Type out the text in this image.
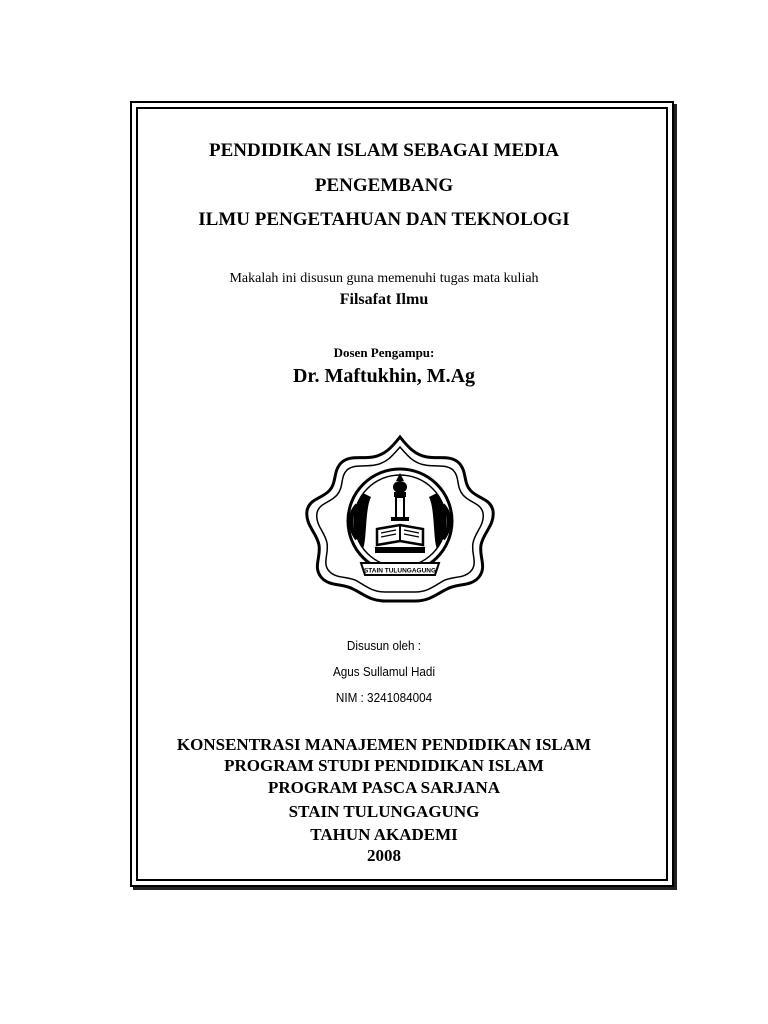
PENDIDIKAN ISLAM SEBAGAI MEDIA
PENGEMBANG
ILMU PENGETAHUAN DAN TEKNOLOGI
Makalah ini disusun guna memenuhi tugas mata kuliah
Filsafat Ilmu
Dosen Pengampu:
Dr. Maftukhin, M.Ag
STAIN TULUNGAGUNG
Disusun oleh :
Agus Sullamul Hadi
NIM : 3241084004
KONSENTRASI MANAJEMEN PENDIDIKAN ISLAM
PROGRAM STUDI PENDIDIKAN ISLAM
PROGRAM PASCA SARJANA
STAIN TULUNGAGUNG
TAHUN AKADEMI
2008
